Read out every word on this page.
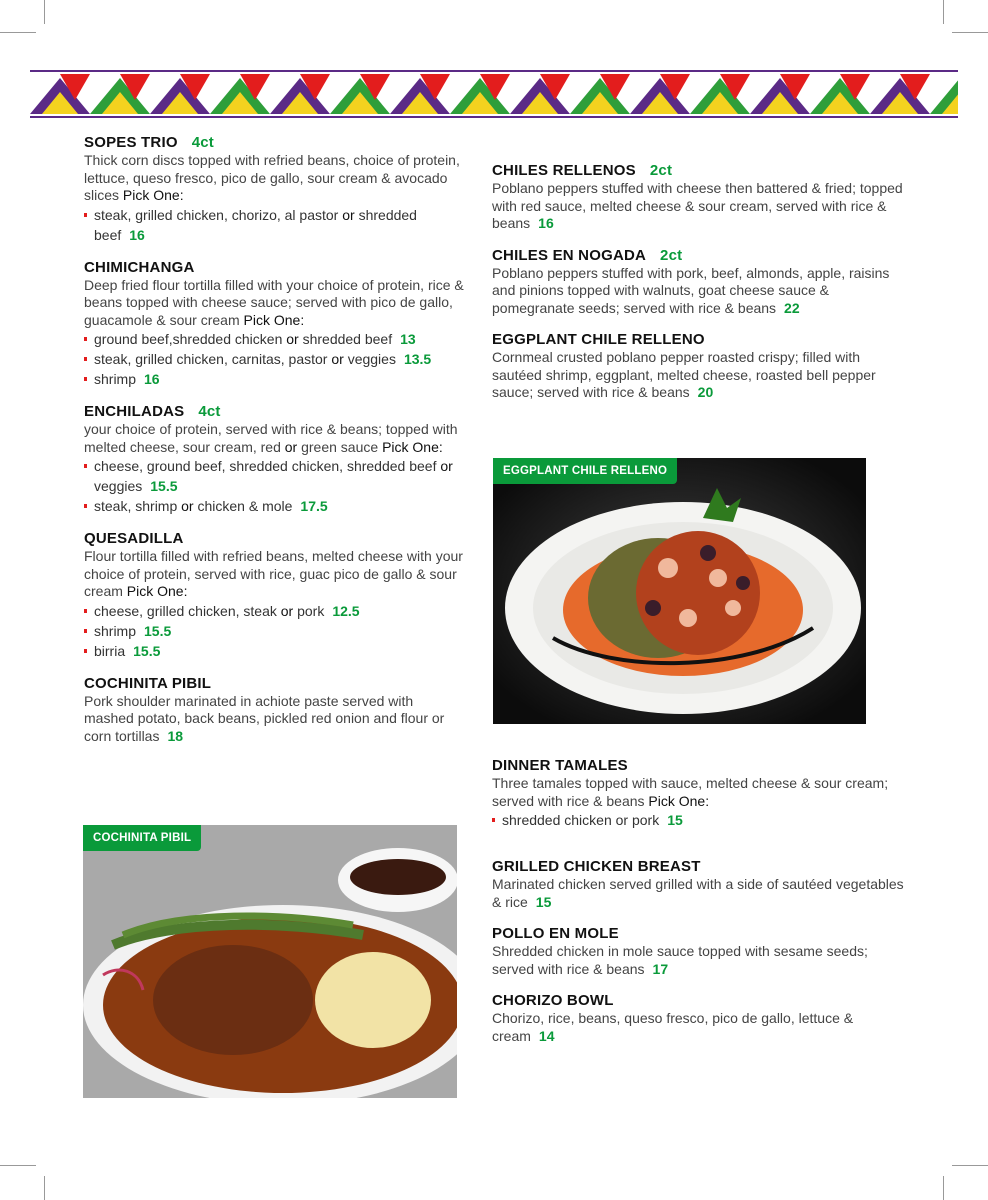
SOPES TRIO 4ct
Thick corn discs topped with refried beans, choice of protein, lettuce, queso fresco, pico de gallo, sour cream & avocado slices Pick One:
steak, grilled chicken, chorizo, al pastor or shredded beef 16
CHIMICHANGA
Deep fried flour tortilla filled with your choice of protein, rice & beans topped with cheese sauce; served with pico de gallo, guacamole & sour cream Pick One:
ground beef,shredded chicken or shredded beef 13
steak, grilled chicken, carnitas, pastor or veggies 13.5
shrimp 16
ENCHILADAS 4ct
your choice of protein, served with rice & beans; topped with melted cheese, sour cream, red or green sauce Pick One:
cheese, ground beef, shredded chicken, shredded beef or veggies 15.5
steak, shrimp or chicken & mole 17.5
QUESADILLA
Flour tortilla filled with refried beans, melted cheese with your choice of protein, served with rice, guac pico de gallo & sour cream Pick One:
cheese, grilled chicken, steak or pork 12.5
shrimp 15.5
birria 15.5
COCHINITA PIBIL
Pork shoulder marinated in achiote paste served with mashed potato, back beans, pickled red onion and flour or corn tortillas 18
CHILES RELLENOS 2ct
Poblano peppers stuffed with cheese then battered & fried; topped with red sauce, melted cheese & sour cream, served with rice & beans 16
CHILES EN NOGADA 2ct
Poblano peppers stuffed with pork, beef, almonds, apple, raisins and pinions topped with walnuts, goat cheese sauce & pomegranate seeds; served with rice & beans 22
EGGPLANT CHILE RELLENO
Cornmeal crusted poblano pepper roasted crispy; filled with sautéed shrimp, eggplant, melted cheese, roasted bell pepper sauce; served with rice & beans 20
EGGPLANT CHILE RELLENO
COCHINITA PIBIL
DINNER TAMALES
Three tamales topped with sauce, melted cheese & sour cream; served with rice & beans Pick One:
shredded chicken or pork 15
GRILLED CHICKEN BREAST
Marinated chicken served grilled with a side of sautéed vegetables & rice 15
POLLO EN MOLE
Shredded chicken in mole sauce topped with sesame seeds; served with rice & beans 17
CHORIZO BOWL
Chorizo, rice, beans, queso fresco, pico de gallo, lettuce & cream 14
